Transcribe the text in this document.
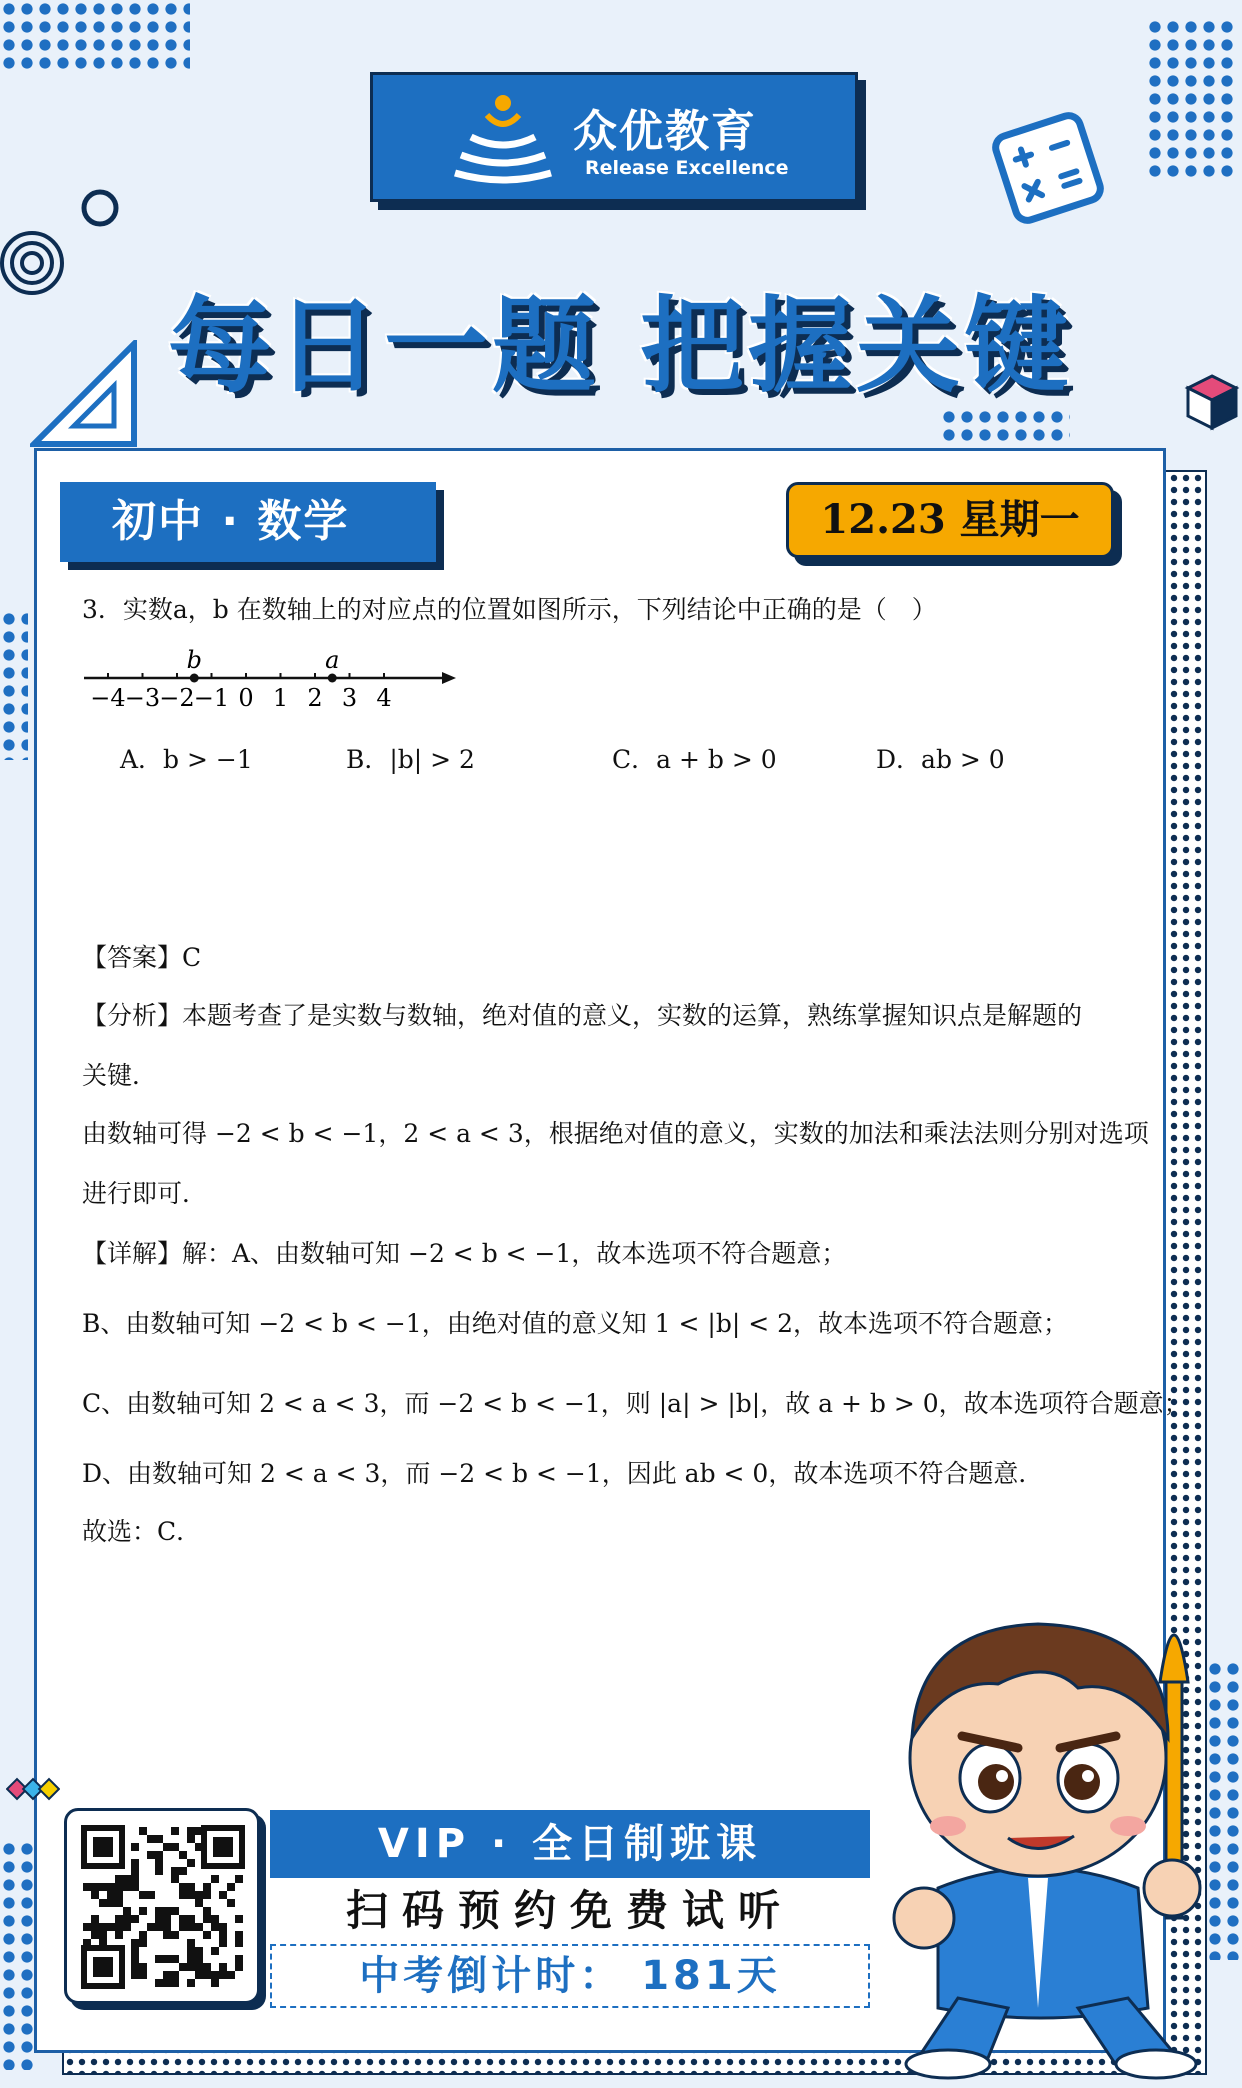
众优教育
Release Excellence
每日一题 把握关键
初中 · 数学	12.23 星期一
3．实数a，b 在数轴上的对应点的位置如图所示，下列结论中正确的是（　）
−4 −3 −2 −1 0 1 2 3 4
b	a
A．b > −1	B．|b| > 2	C．a + b > 0	D．ab > 0
【答案】C
【分析】本题考查了是实数与数轴，绝对值的意义，实数的运算，熟练掌握知识点是解题的
关键．
由数轴可得 −2 < b < −1，2 < a < 3，根据绝对值的意义，实数的加法和乘法法则分别对选项
进行即可．
【详解】解：A、由数轴可知 −2 < b < −1，故本选项不符合题意；
B、由数轴可知 −2 < b < −1，由绝对值的意义知 1 < |b| < 2，故本选项不符合题意；
C、由数轴可知 2 < a < 3，而 −2 < b < −1，则 |a| > |b|，故 a + b > 0，故本选项符合题意；
D、由数轴可知 2 < a < 3，而 −2 < b < −1，因此 ab < 0，故本选项不符合题意．
故选：C．
VIP · 全日制班课
扫码预约免费试听
中考倒计时： 181天
